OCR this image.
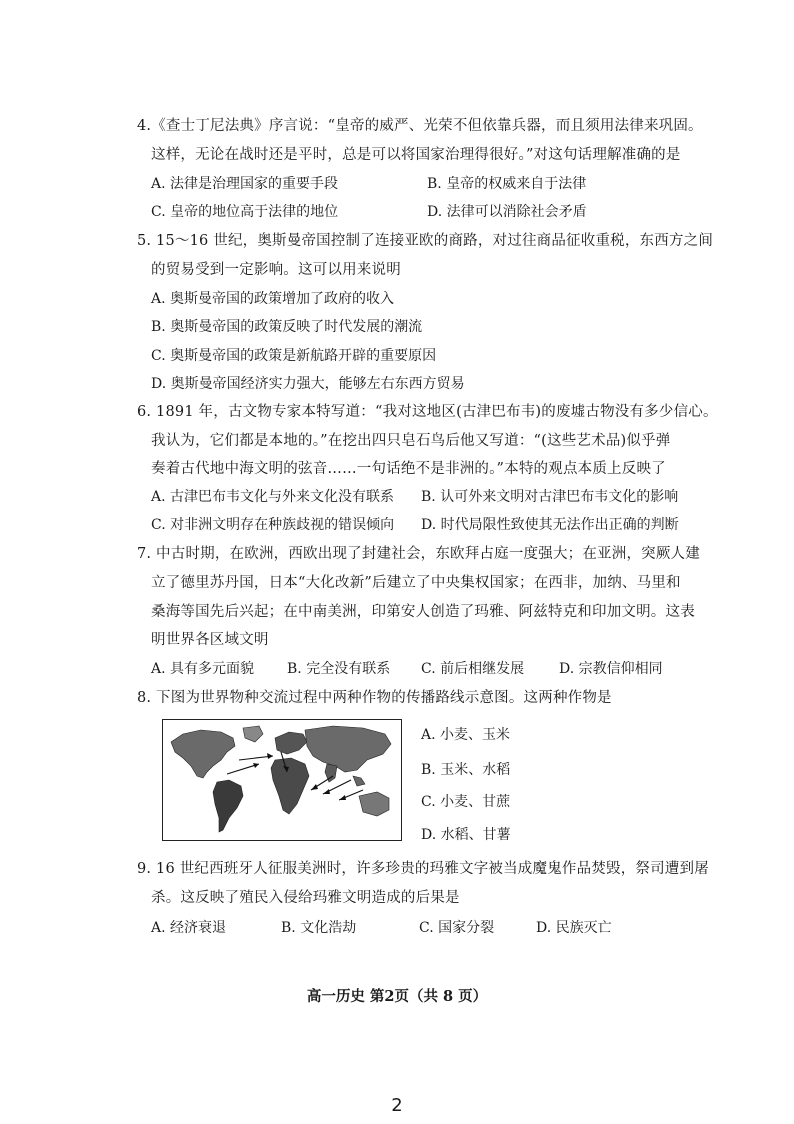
4.《查士丁尼法典》序言说：“皇帝的威严、光荣不但依靠兵器，而且须用法律来巩固。
这样，无论在战时还是平时，总是可以将国家治理得很好。”对这句话理解准确的是
A. 法律是治理国家的重要手段	B. 皇帝的权威来自于法律
C. 皇帝的地位高于法律的地位	D. 法律可以消除社会矛盾
5. 15～16 世纪，奥斯曼帝国控制了连接亚欧的商路，对过往商品征收重税，东西方之间
的贸易受到一定影响。这可以用来说明
A. 奥斯曼帝国的政策增加了政府的收入
B. 奥斯曼帝国的政策反映了时代发展的潮流
C. 奥斯曼帝国的政策是新航路开辟的重要原因
D. 奥斯曼帝国经济实力强大，能够左右东西方贸易
6. 1891 年，古文物专家本特写道：“我对这地区(古津巴布韦)的废墟古物没有多少信心。
我认为，它们都是本地的。”在挖出四只皂石鸟后他又写道：“(这些艺术品)似乎弹
奏着古代地中海文明的弦音……一句话绝不是非洲的。”本特的观点本质上反映了
A. 古津巴布韦文化与外来文化没有联系 B. 认可外来文明对古津巴布韦文化的影响
C. 对非洲文明存在种族歧视的错误倾向 D. 时代局限性致使其无法作出正确的判断
7. 中古时期，在欧洲，西欧出现了封建社会，东欧拜占庭一度强大；在亚洲，突厥人建
立了德里苏丹国，日本“大化改新”后建立了中央集权国家；在西非，加纳、马里和
桑海等国先后兴起；在中南美洲，印第安人创造了玛雅、阿兹特克和印加文明。这表
明世界各区域文明
A. 具有多元面貌 B. 完全没有联系 C. 前后相继发展 D. 宗教信仰相同
8. 下图为世界物种交流过程中两种作物的传播路线示意图。这两种作物是
A. 小麦、玉米
B. 玉米、水稻
C. 小麦、甘蔗
D. 水稻、甘薯
9. 16 世纪西班牙人征服美洲时，许多珍贵的玛雅文字被当成魔鬼作品焚毁，祭司遭到屠
杀。这反映了殖民入侵给玛雅文明造成的后果是
A. 经济衰退	B. 文化浩劫	C. 国家分裂	D. 民族灭亡
高一历史 第2页（共 8 页）
2
